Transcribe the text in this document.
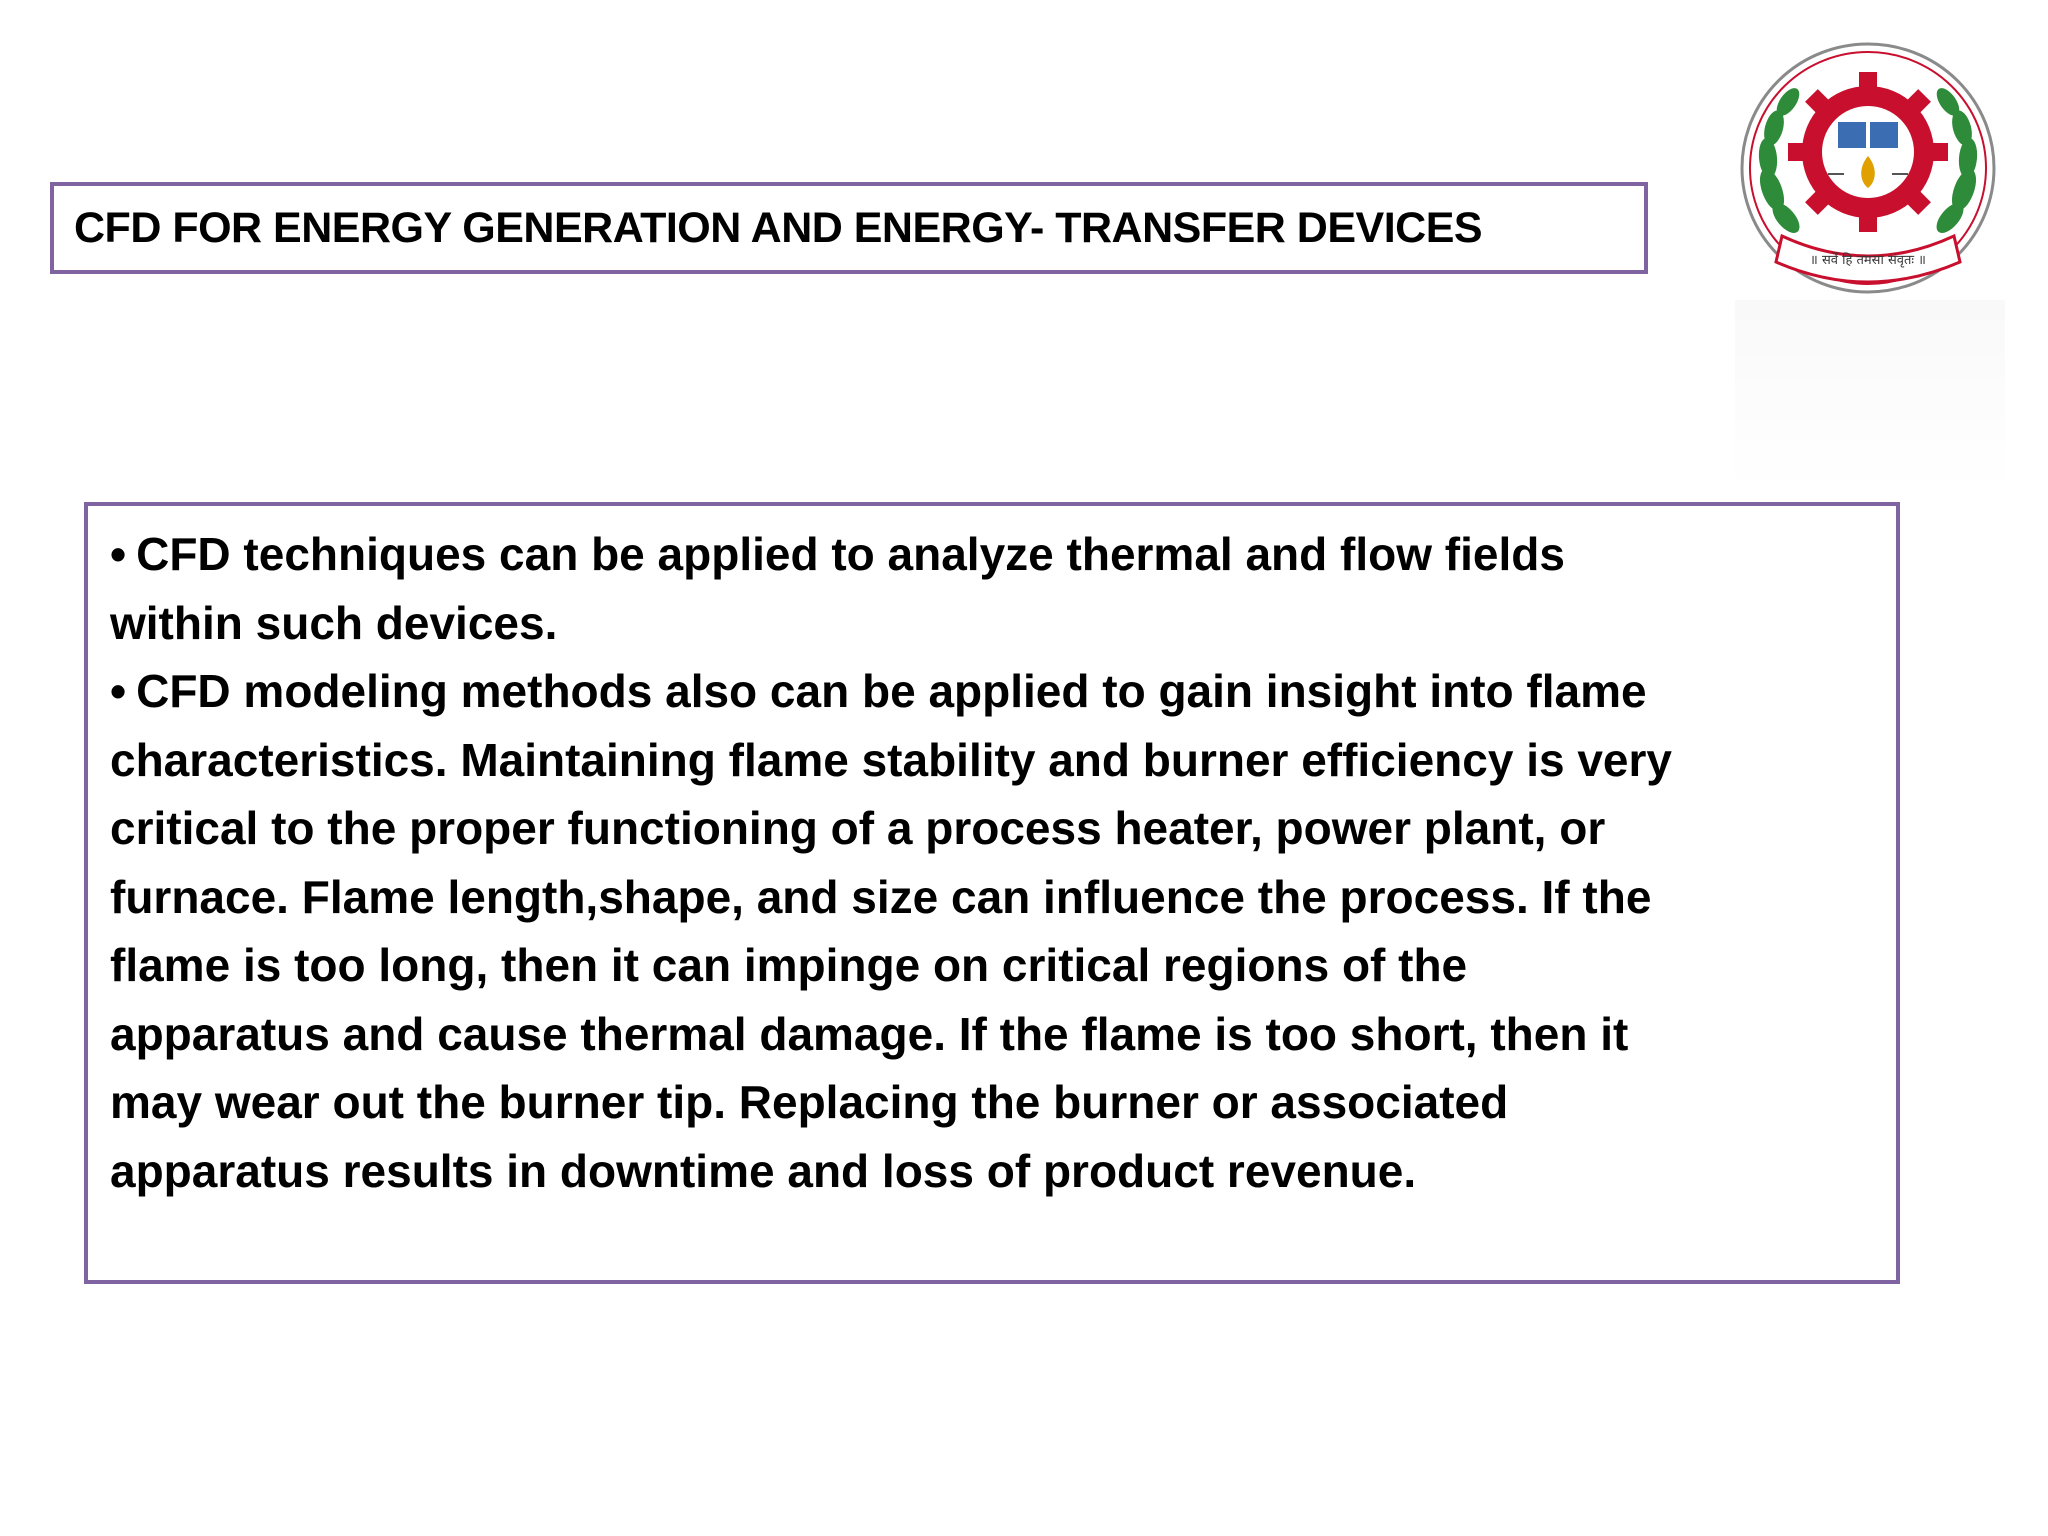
CFD FOR ENERGY GENERATION AND ENERGY- TRANSFER DEVICES
॥ सर्वे हि तमसा संवृतः ॥

• CFD techniques can be applied to analyze thermal and flow fields within such devices.

• CFD modeling methods also can be applied to gain insight into flame characteristics. Maintaining flame stability and burner efficiency is very critical to the proper functioning of a process heater, power plant, or furnace. Flame length,shape, and size can influence the process. If the flame is too long, then it can impinge on critical regions of the apparatus and cause thermal damage. If the flame is too short, then it may wear out the burner tip. Replacing the burner or associated apparatus results in downtime and loss of product revenue.
